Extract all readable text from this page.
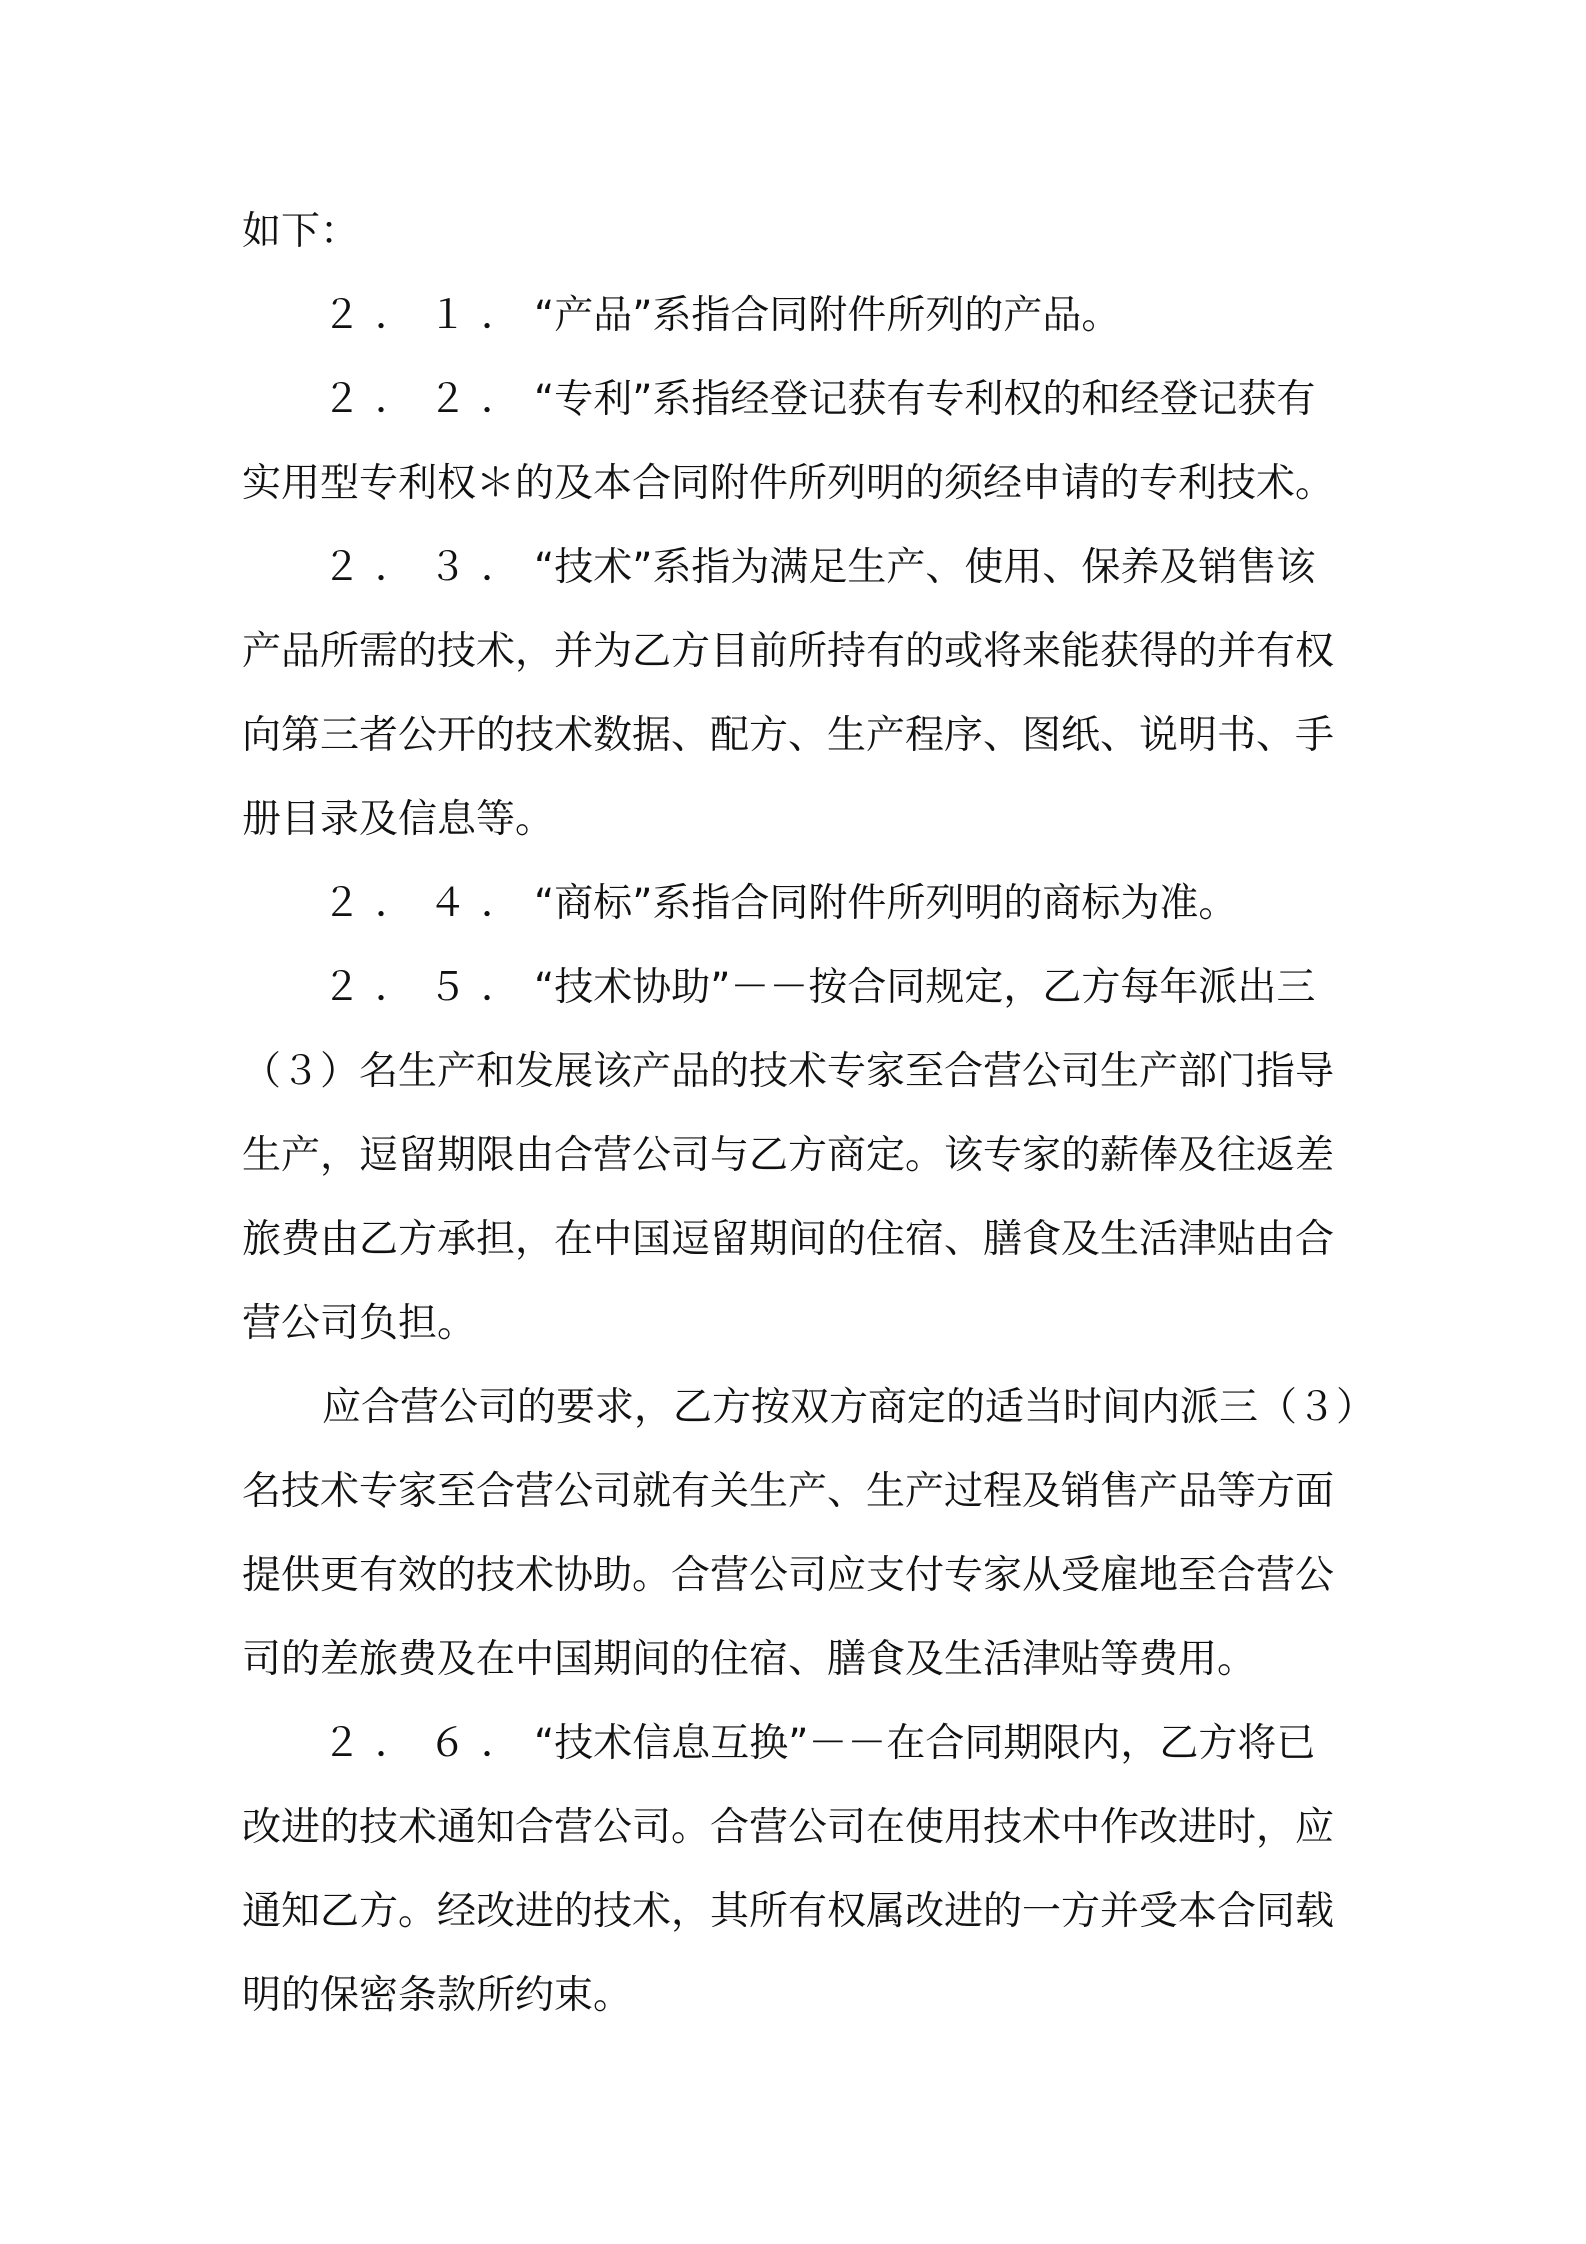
如下：
２．１．“产品”系指合同附件所列的产品。
２．２．“专利”系指经登记获有专利权的和经登记获有
实用型专利权＊的及本合同附件所列明的须经申请的专利技术。
２．３．“技术”系指为满足生产、使用、保养及销售该
产品所需的技术，并为乙方目前所持有的或将来能获得的并有权
向第三者公开的技术数据、配方、生产程序、图纸、说明书、手
册目录及信息等。
２．４．“商标”系指合同附件所列明的商标为准。
２．５．“技术协助”－－按合同规定，乙方每年派出三
（３）名生产和发展该产品的技术专家至合营公司生产部门指导
生产，逗留期限由合营公司与乙方商定。该专家的薪俸及往返差
旅费由乙方承担，在中国逗留期间的住宿、膳食及生活津贴由合
营公司负担。
应合营公司的要求，乙方按双方商定的适当时间内派三（３）
名技术专家至合营公司就有关生产、生产过程及销售产品等方面
提供更有效的技术协助。合营公司应支付专家从受雇地至合营公
司的差旅费及在中国期间的住宿、膳食及生活津贴等费用。
２．６．“技术信息互换”－－在合同期限内，乙方将已
改进的技术通知合营公司。合营公司在使用技术中作改进时，应
通知乙方。经改进的技术，其所有权属改进的一方并受本合同载
明的保密条款所约束。
